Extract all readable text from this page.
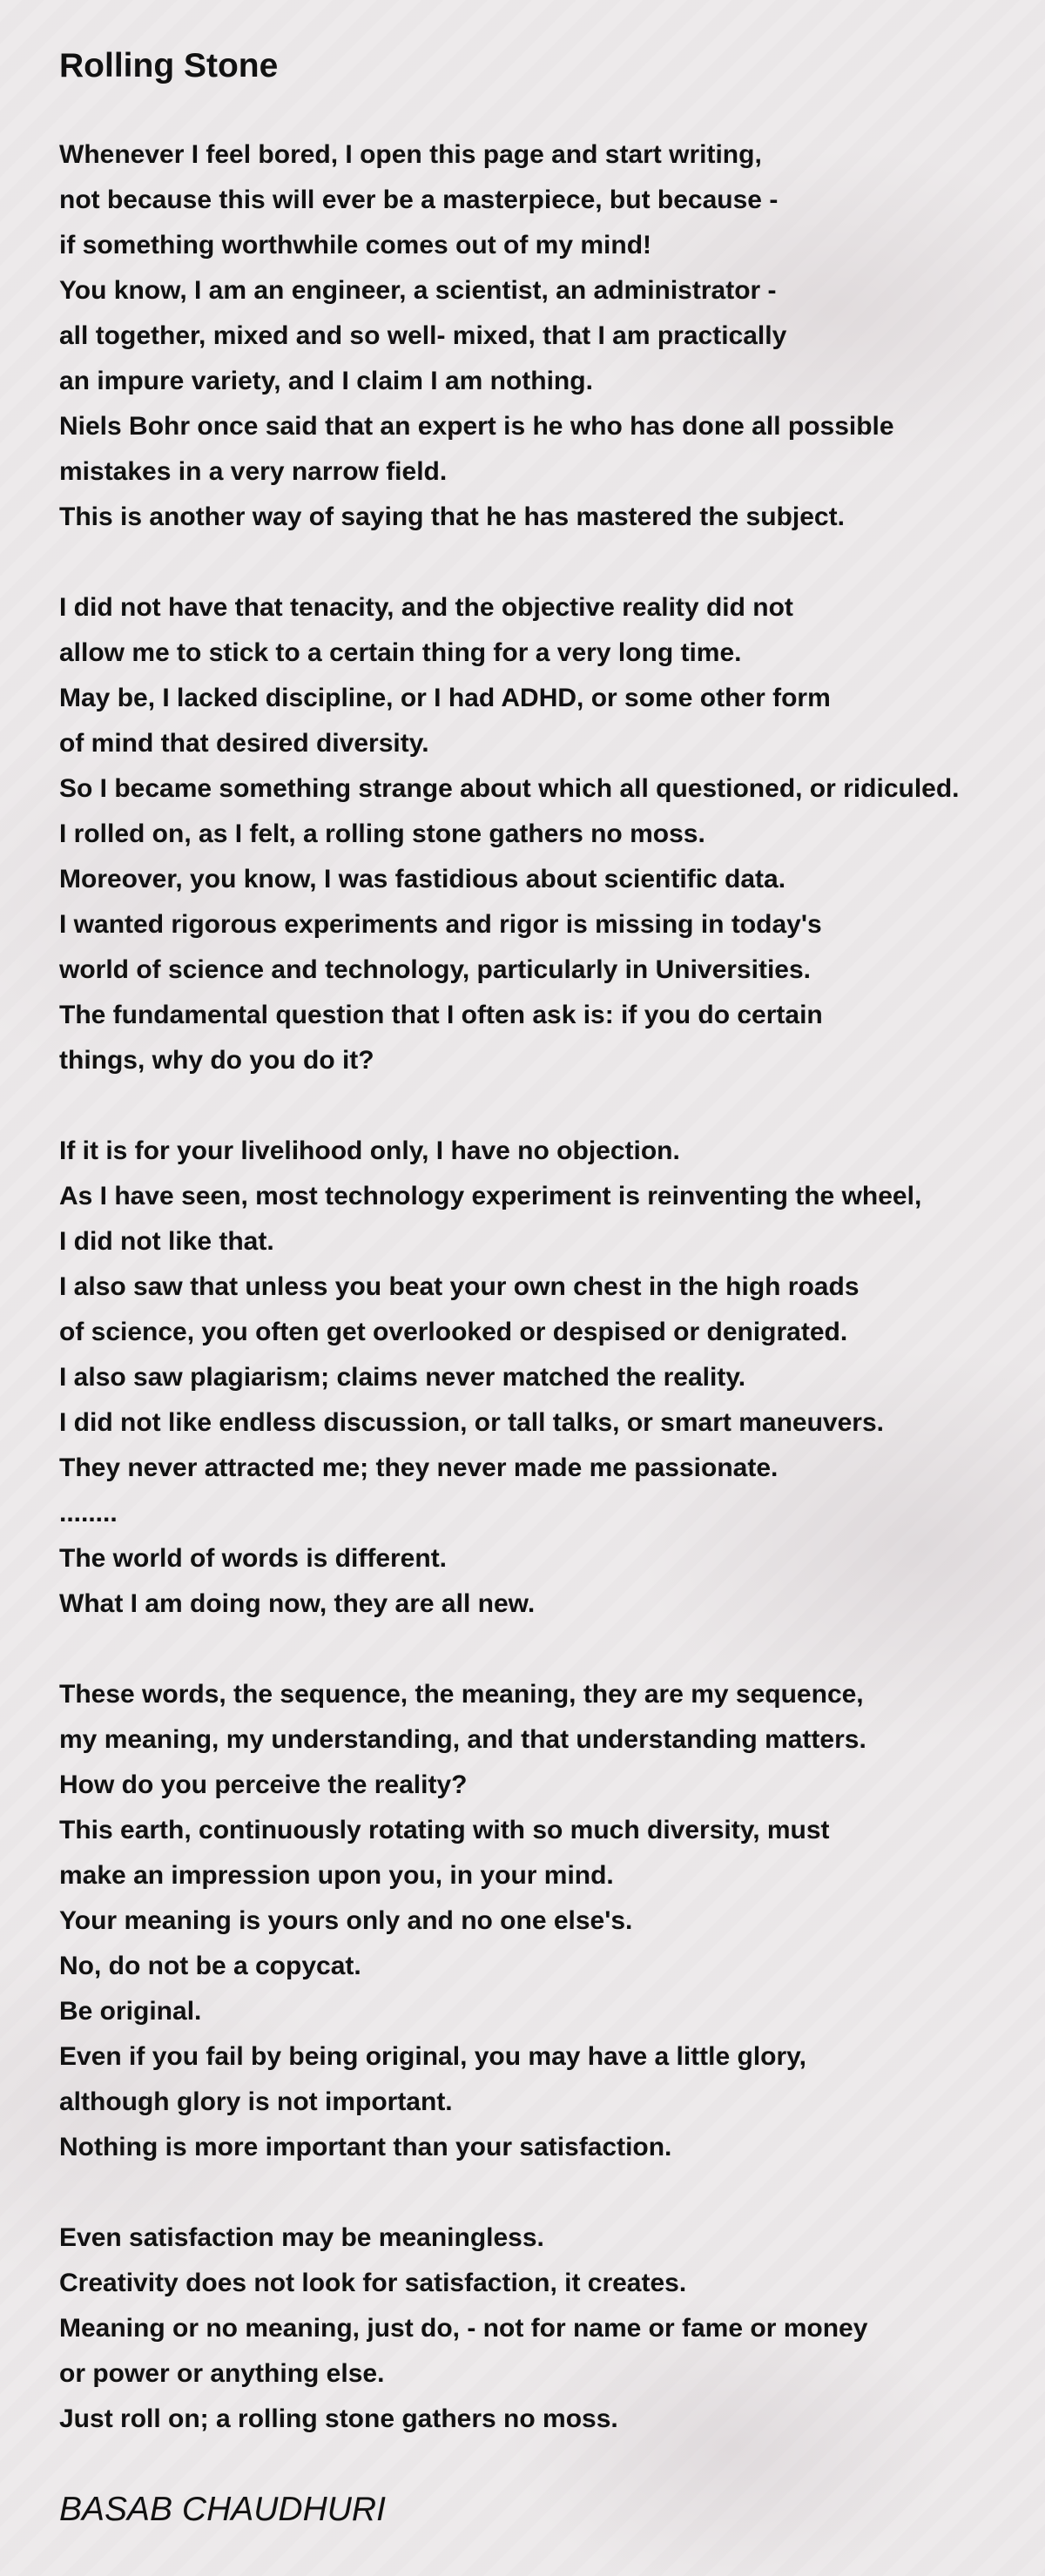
Rolling Stone
Whenever I feel bored, I open this page and start writing,
not because this will ever be a masterpiece, but because -
if something worthwhile comes out of my mind!
You know, I am an engineer, a scientist, an administrator -
all together, mixed and so well- mixed, that I am practically
an impure variety, and I claim I am nothing.
Niels Bohr once said that an expert is he who has done all possible
mistakes in a very narrow field.
This is another way of saying that he has mastered the subject.
I did not have that tenacity, and the objective reality did not
allow me to stick to a certain thing for a very long time.
May be, I lacked discipline, or I had ADHD, or some other form
of mind that desired diversity.
So I became something strange about which all questioned, or ridiculed.
I rolled on, as I felt, a rolling stone gathers no moss.
Moreover, you know, I was fastidious about scientific data.
I wanted rigorous experiments and rigor is missing in today's
world of science and technology, particularly in Universities.
The fundamental question that I often ask is: if you do certain
things, why do you do it?
If it is for your livelihood only, I have no objection.
As I have seen, most technology experiment is reinventing the wheel,
I did not like that.
I also saw that unless you beat your own chest in the high roads
of science, you often get overlooked or despised or denigrated.
I also saw plagiarism; claims never matched the reality.
I did not like endless discussion, or tall talks, or smart maneuvers.
They never attracted me; they never made me passionate.
........
The world of words is different.
What I am doing now, they are all new.
These words, the sequence, the meaning, they are my sequence,
my meaning, my understanding, and that understanding matters.
How do you perceive the reality?
This earth, continuously rotating with so much diversity, must
make an impression upon you, in your mind.
Your meaning is yours only and no one else's.
No, do not be a copycat.
Be original.
Even if you fail by being original, you may have a little glory,
although glory is not important.
Nothing is more important than your satisfaction.
Even satisfaction may be meaningless.
Creativity does not look for satisfaction, it creates.
Meaning or no meaning, just do, - not for name or fame or money
or power or anything else.
Just roll on; a rolling stone gathers no moss.

BASAB CHAUDHURI
